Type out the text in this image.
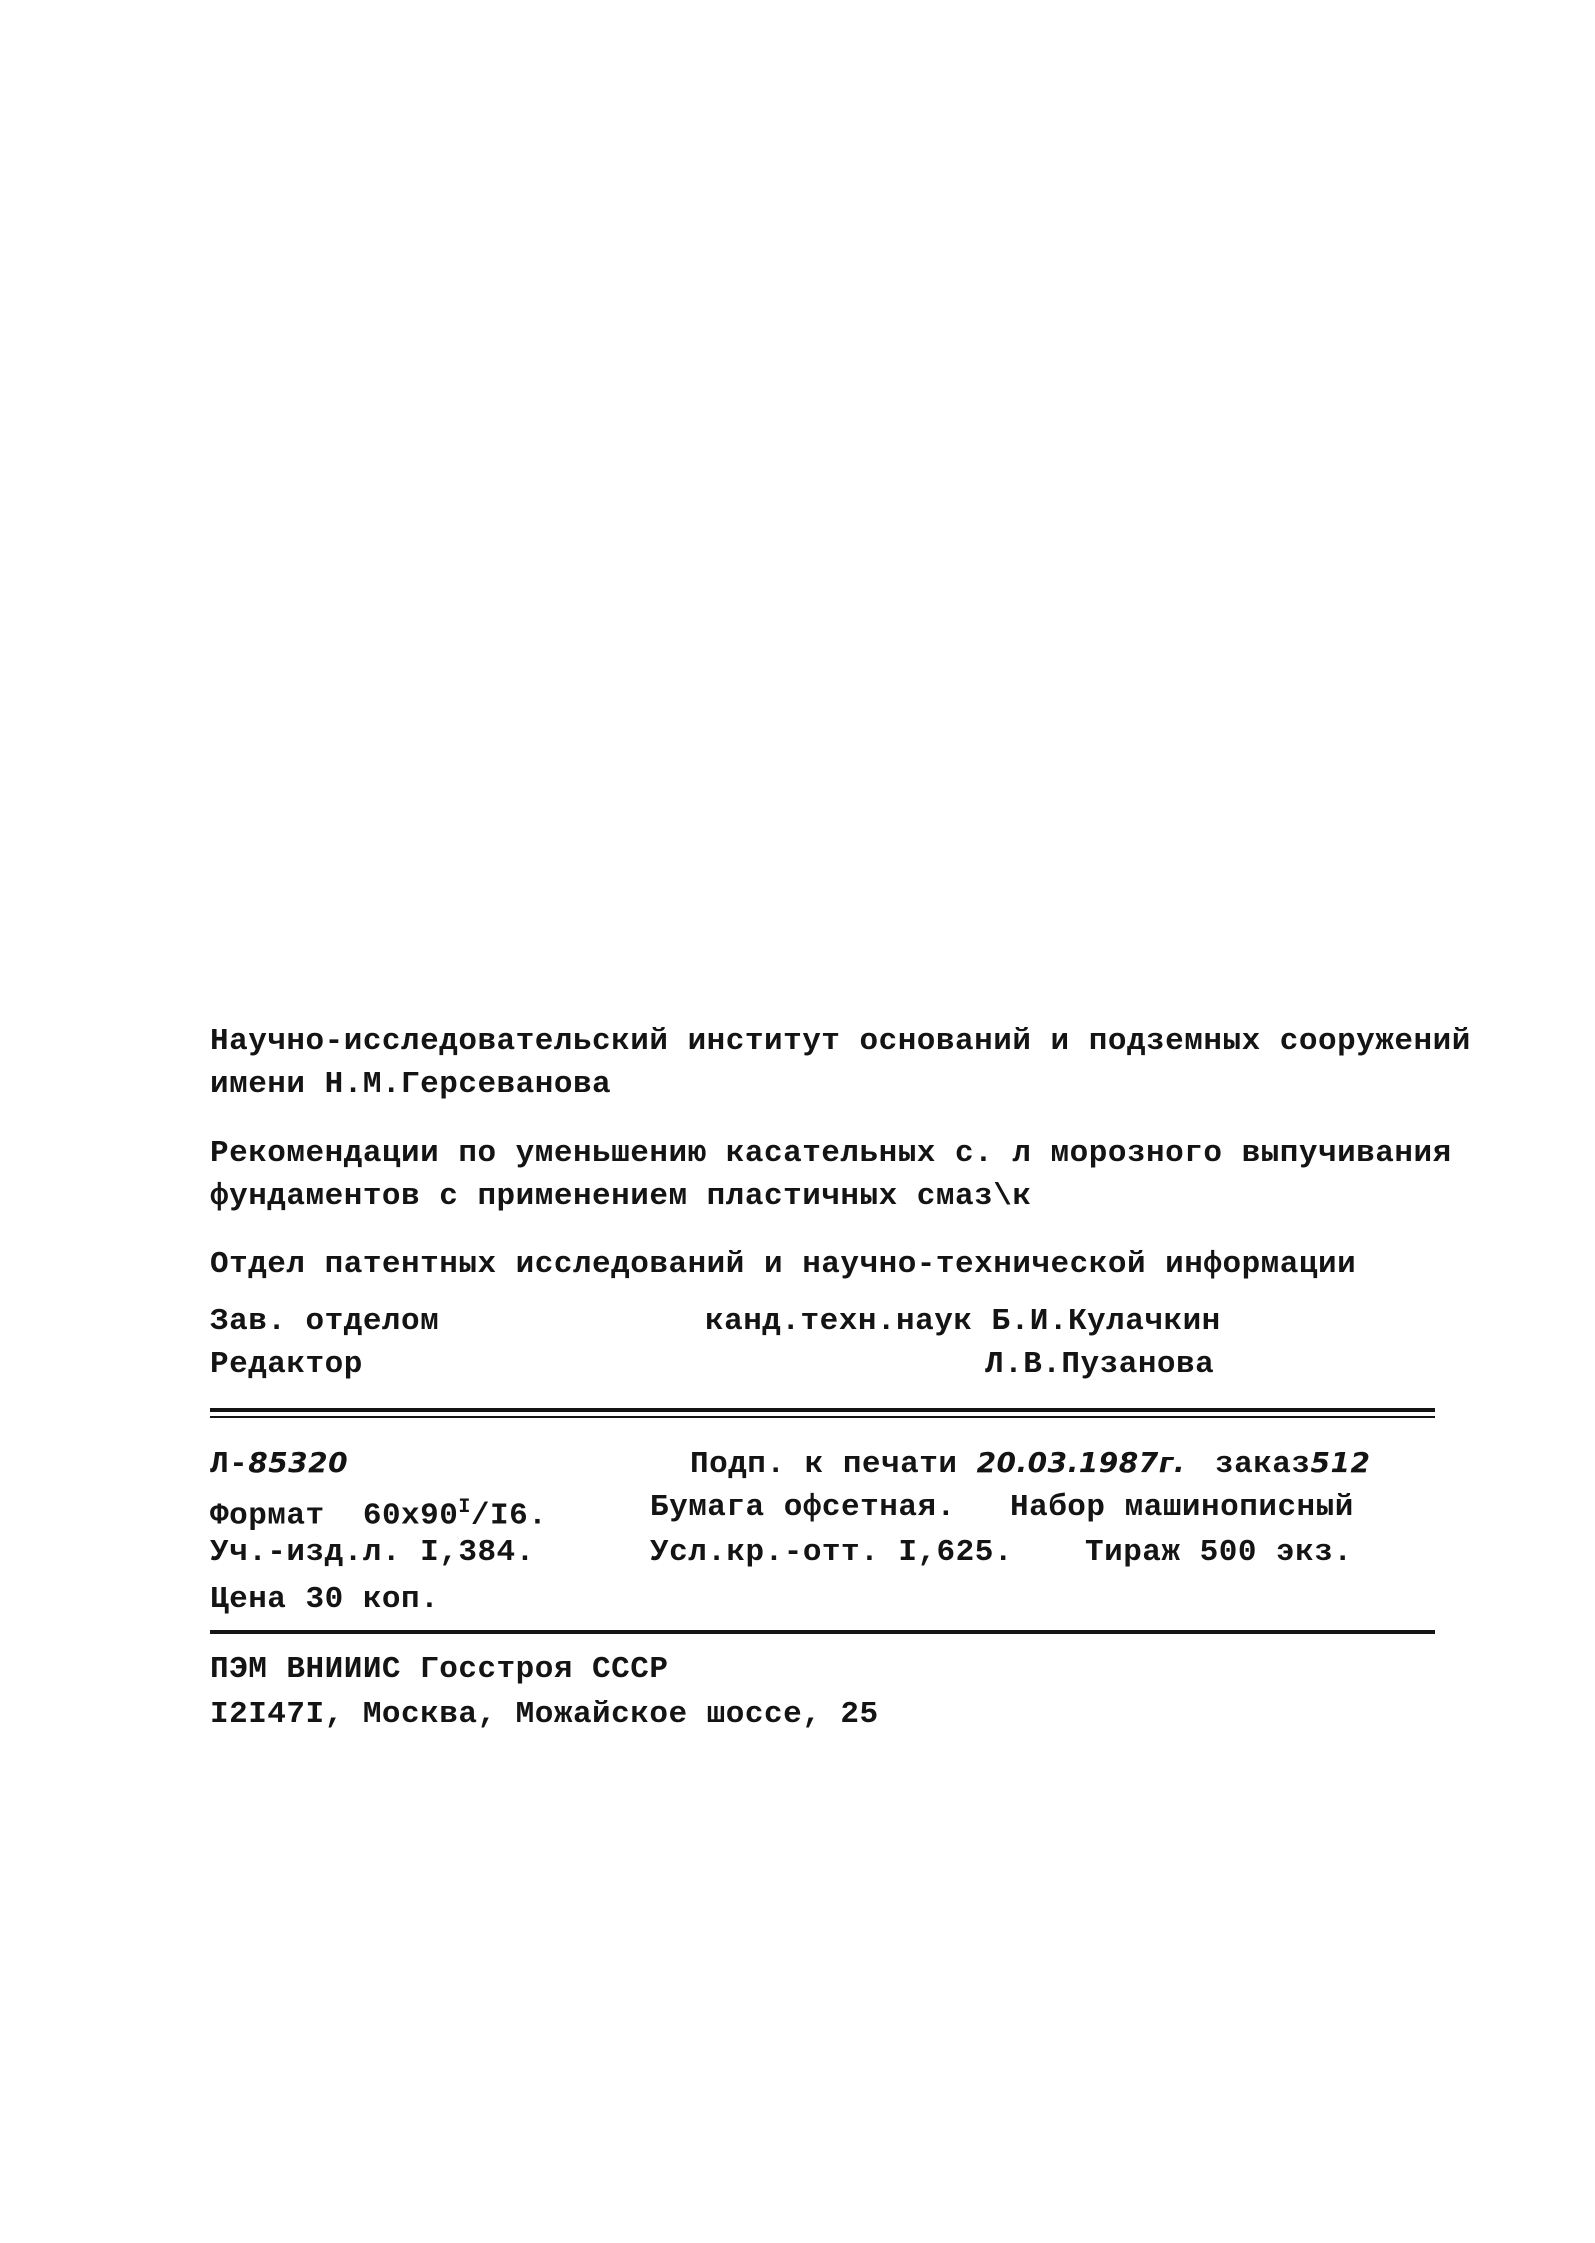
Научно-исследовательский институт оснований и подземных сооружений
имени Н.М.Герсеванова
Рекомендации по уменьшению касательных с. л морозного выпучивания
фундаментов с применением пластичных смаз\к
Отдел патентных исследований и научно-технической информации
Зав. отделом	канд.техн.наук Б.И.Кулачкин
Редактор	Л.В.Пузанова
Л-85320	Подп. к печати 20.03.1987г. заказ512
Формат $60х90^I/I6$.	Бумага офсетная. Набор машинописный
Уч.-изд.л. I,384.	Усл.кр.-отт. I,625. Тираж 500 экз.
Цена 30 коп.
ПЭМ ВНИИИС Госстроя СССР
I2I47I, Москва, Можайское шоссе, 25
